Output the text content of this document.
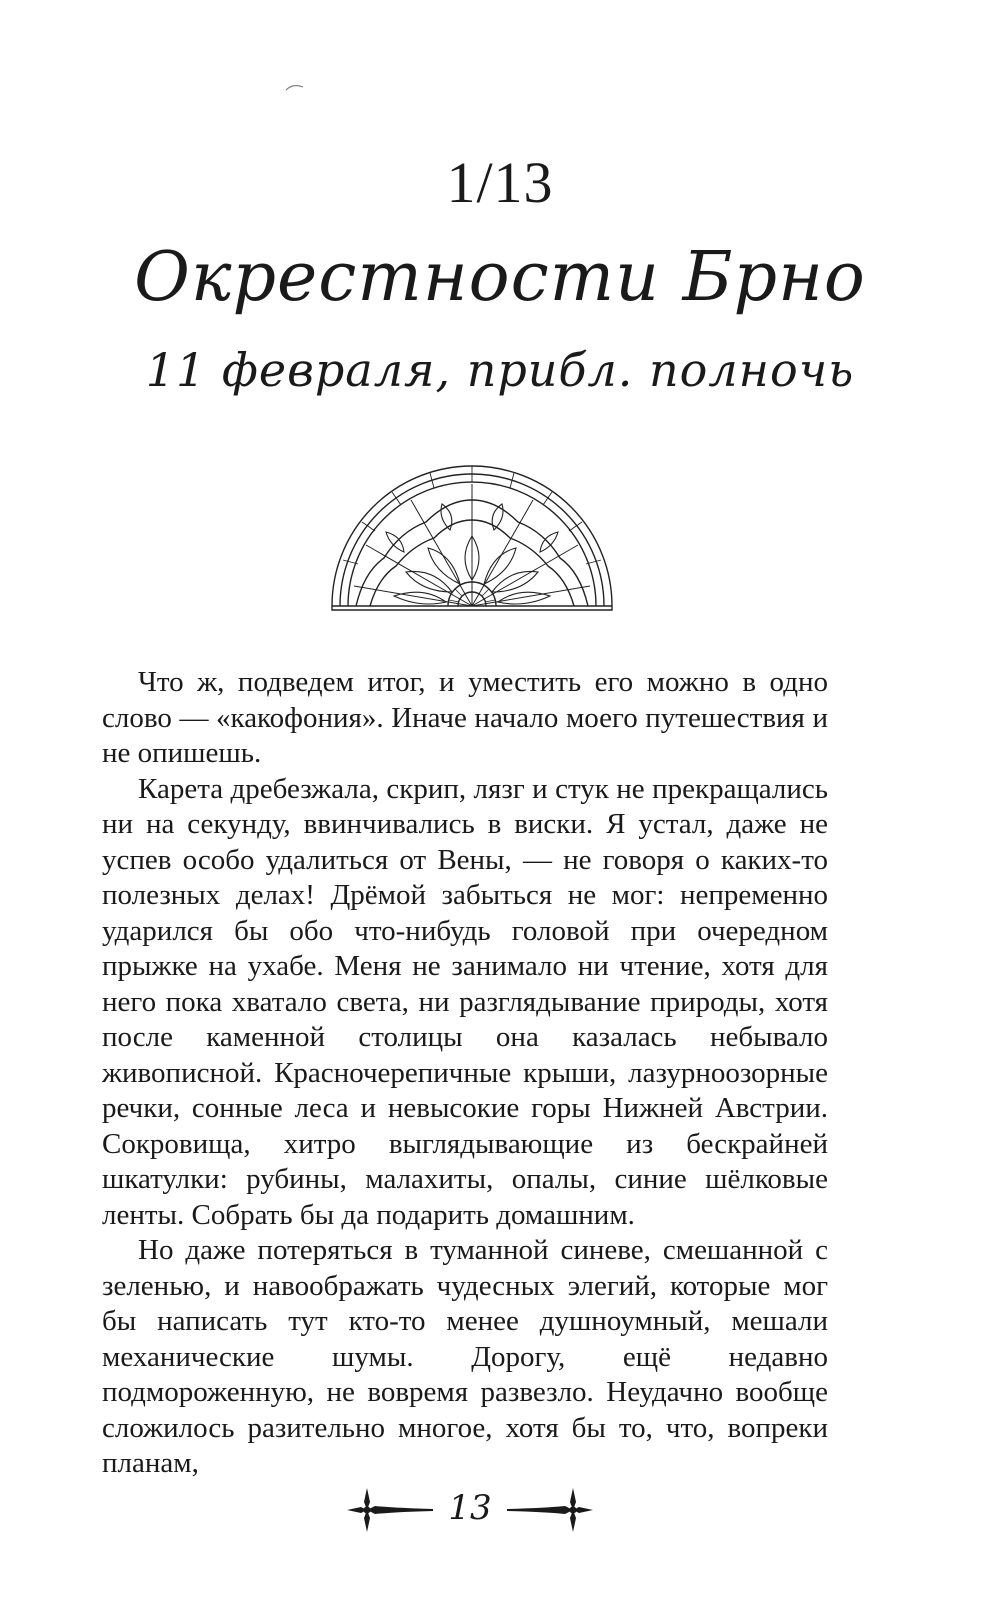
1/13
Окрестности Брно
11 февраля, прибл. полночь

Что ж, подведем итог, и уместить его можно в одно слово — «какофония». Иначе начало моего путешествия и не опишешь.

Карета дребезжала, скрип, лязг и стук не прекращались ни на секунду, ввинчивались в виски. Я устал, даже не успев особо удалиться от Вены, — не говоря о каких-то полезных делах! Дрёмой забыться не мог: непременно ударился бы обо что-нибудь головой при очередном прыжке на ухабе. Меня не занимало ни чтение, хотя для него пока хватало света, ни разглядывание природы, хотя после каменной столицы она казалась небывало живописной. Красночерепичные крыши, лазурноозорные речки, сонные леса и невысокие горы Нижней Австрии. Сокровища, хитро выглядывающие из бескрайней шкатулки: рубины, малахиты, опалы, синие шёлковые ленты. Собрать бы да подарить домашним.

Но даже потеряться в туманной синеве, смешанной с зеленью, и навоображать чудесных элегий, которые мог бы написать тут кто-то менее душноумный, мешали механические шумы. Дорогу, ещё недавно подмороженную, не вовремя развезло. Неудачно вообще сложилось разительно многое, хотя бы то, что, вопреки планам,

13
